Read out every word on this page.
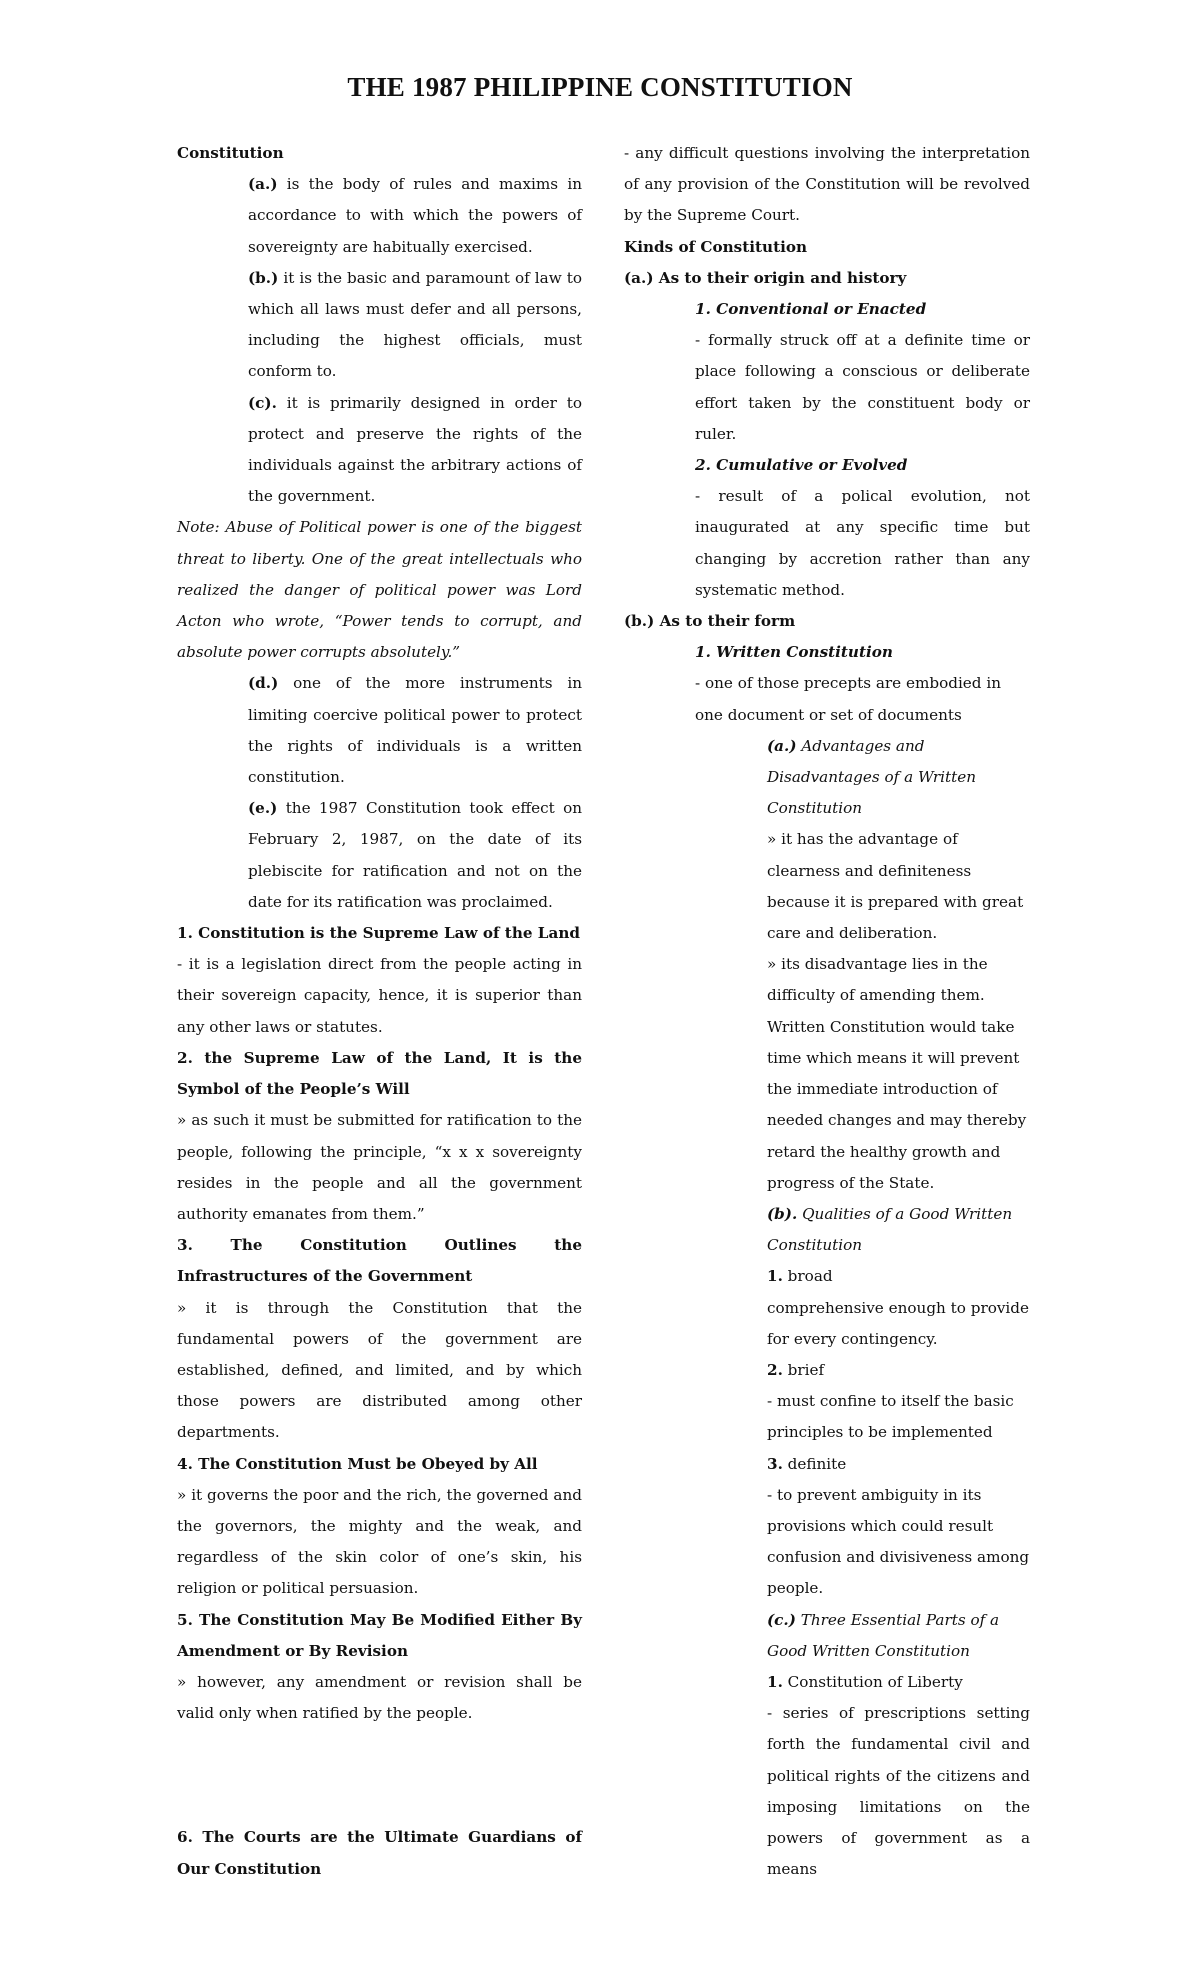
THE 1987 PHILIPPINE CONSTITUTION

Constitution

(a.) is the body of rules and maxims in accordance to with which the powers of sovereignty are habitually exercised.

(b.) it is the basic and paramount of law to which all laws must defer and all persons, including the highest officials, must conform to.

(c). it is primarily designed in order to protect and preserve the rights of the individuals against the arbitrary actions of the government.

Note: Abuse of Political power is one of the biggest threat to liberty. One of the great intellectuals who realized the danger of political power was Lord Acton who wrote, “Power tends to corrupt, and absolute power corrupts absolutely.”

(d.) one of the more instruments in limiting coercive political power to protect the rights of individuals is a written constitution.

(e.) the 1987 Constitution took effect on February 2, 1987, on the date of its plebiscite for ratification and not on the date for its ratification was proclaimed.

1. Constitution is the Supreme Law of the Land

- it is a legislation direct from the people acting in their sovereign capacity, hence, it is superior than any other laws or statutes.

2. the Supreme Law of the Land, It is the Symbol of the People’s Will

» as such it must be submitted for ratification to the people, following the principle, “x x x sovereignty resides in the people and all the government authority emanates from them.”

3. The Constitution Outlines the Infrastructures of the Government

» it is through the Constitution that the fundamental powers of the government are established, defined, and limited, and by which those powers are distributed among other departments.

4. The Constitution Must be Obeyed by All

» it governs the poor and the rich, the governed and the governors, the mighty and the weak, and regardless of the skin color of one’s skin, his religion or political persuasion.

5. The Constitution May Be Modified Either By Amendment or By Revision

» however, any amendment or revision shall be valid only when ratified by the people.

6. The Courts are the Ultimate Guardians of Our Constitution

- any difficult questions involving the interpretation of any provision of the Constitution will be revolved by the Supreme Court.

Kinds of Constitution

(a.) As to their origin and history

1. Conventional or Enacted

- formally struck off at a definite time or place following a conscious or deliberate effort taken by the constituent body or ruler.

2. Cumulative or Evolved

- result of a polical evolution, not inaugurated at any specific time but changing by accretion rather than any systematic method.

(b.) As to their form

1. Written Constitution

- one of those precepts are embodied in one document or set of documents

(a.) Advantages and Disadvantages of a Written Constitution

» it has the advantage of clearness and definiteness because it is prepared with great care and deliberation.

» its disadvantage lies in the difficulty of amending them. Written Constitution would take time which means it will prevent the immediate introduction of needed changes and may thereby retard the healthy growth and progress of the State.

(b). Qualities of a Good Written Constitution

1. broad

comprehensive enough to provide for every contingency.

2. brief

- must confine to itself the basic principles to be implemented

3. definite

- to prevent ambiguity in its provisions which could result confusion and divisiveness among people.

(c.) Three Essential Parts of a Good Written Constitution

1. Constitution of Liberty

- series of prescriptions setting forth the fundamental civil and political rights of the citizens and imposing limitations on the powers of government as a means
